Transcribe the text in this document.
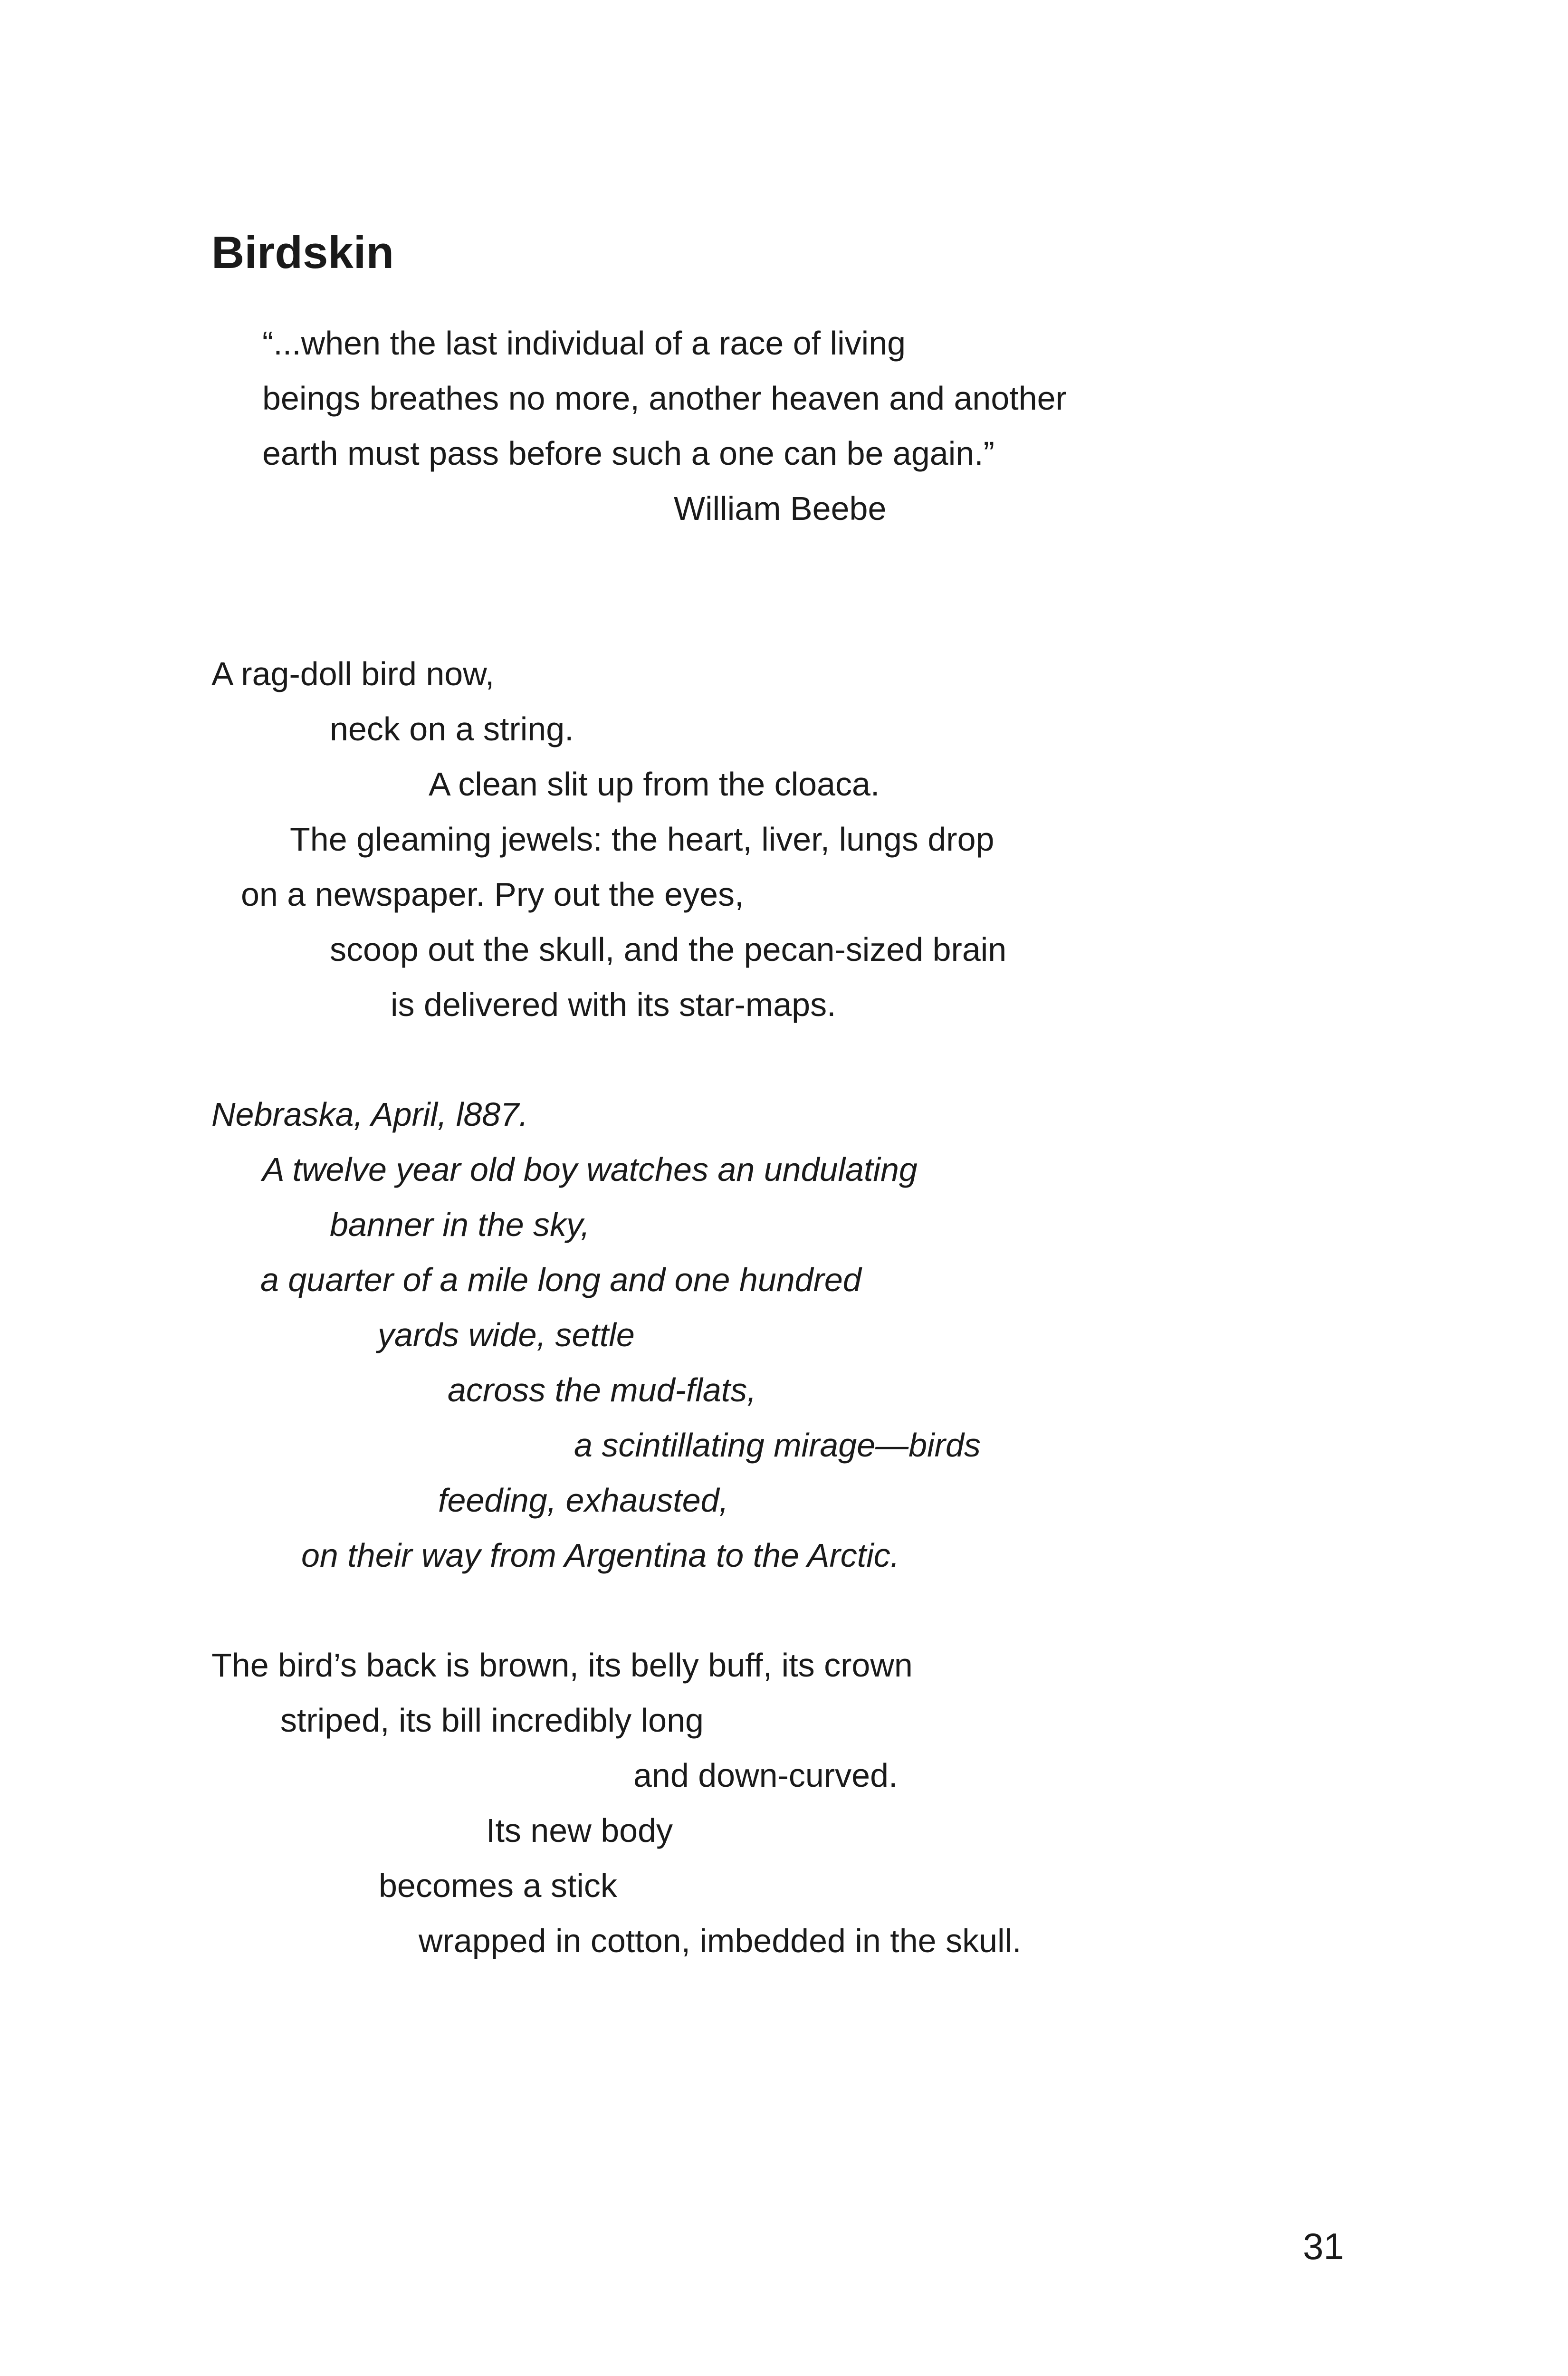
Birdskin
“...when the last individual of a race of living
beings breathes no more, another heaven and another
earth must pass before such a one can be again.”
William Beebe
A rag-doll bird now,
neck on a string.
A clean slit up from the cloaca.
The gleaming jewels: the heart, liver, lungs drop
on a newspaper. Pry out the eyes,
scoop out the skull, and the pecan-sized brain
is delivered with its star-maps.
Nebraska, April, l887.
A twelve year old boy watches an undulating
banner in the sky,
a quarter of a mile long and one hundred
yards wide, settle
across the mud-flats,
a scintillating mirage—birds
feeding, exhausted,
on their way from Argentina to the Arctic.
The bird’s back is brown, its belly buff, its crown
striped, its bill incredibly long
and down-curved.
Its new body
becomes a stick
wrapped in cotton, imbedded in the skull.
31
